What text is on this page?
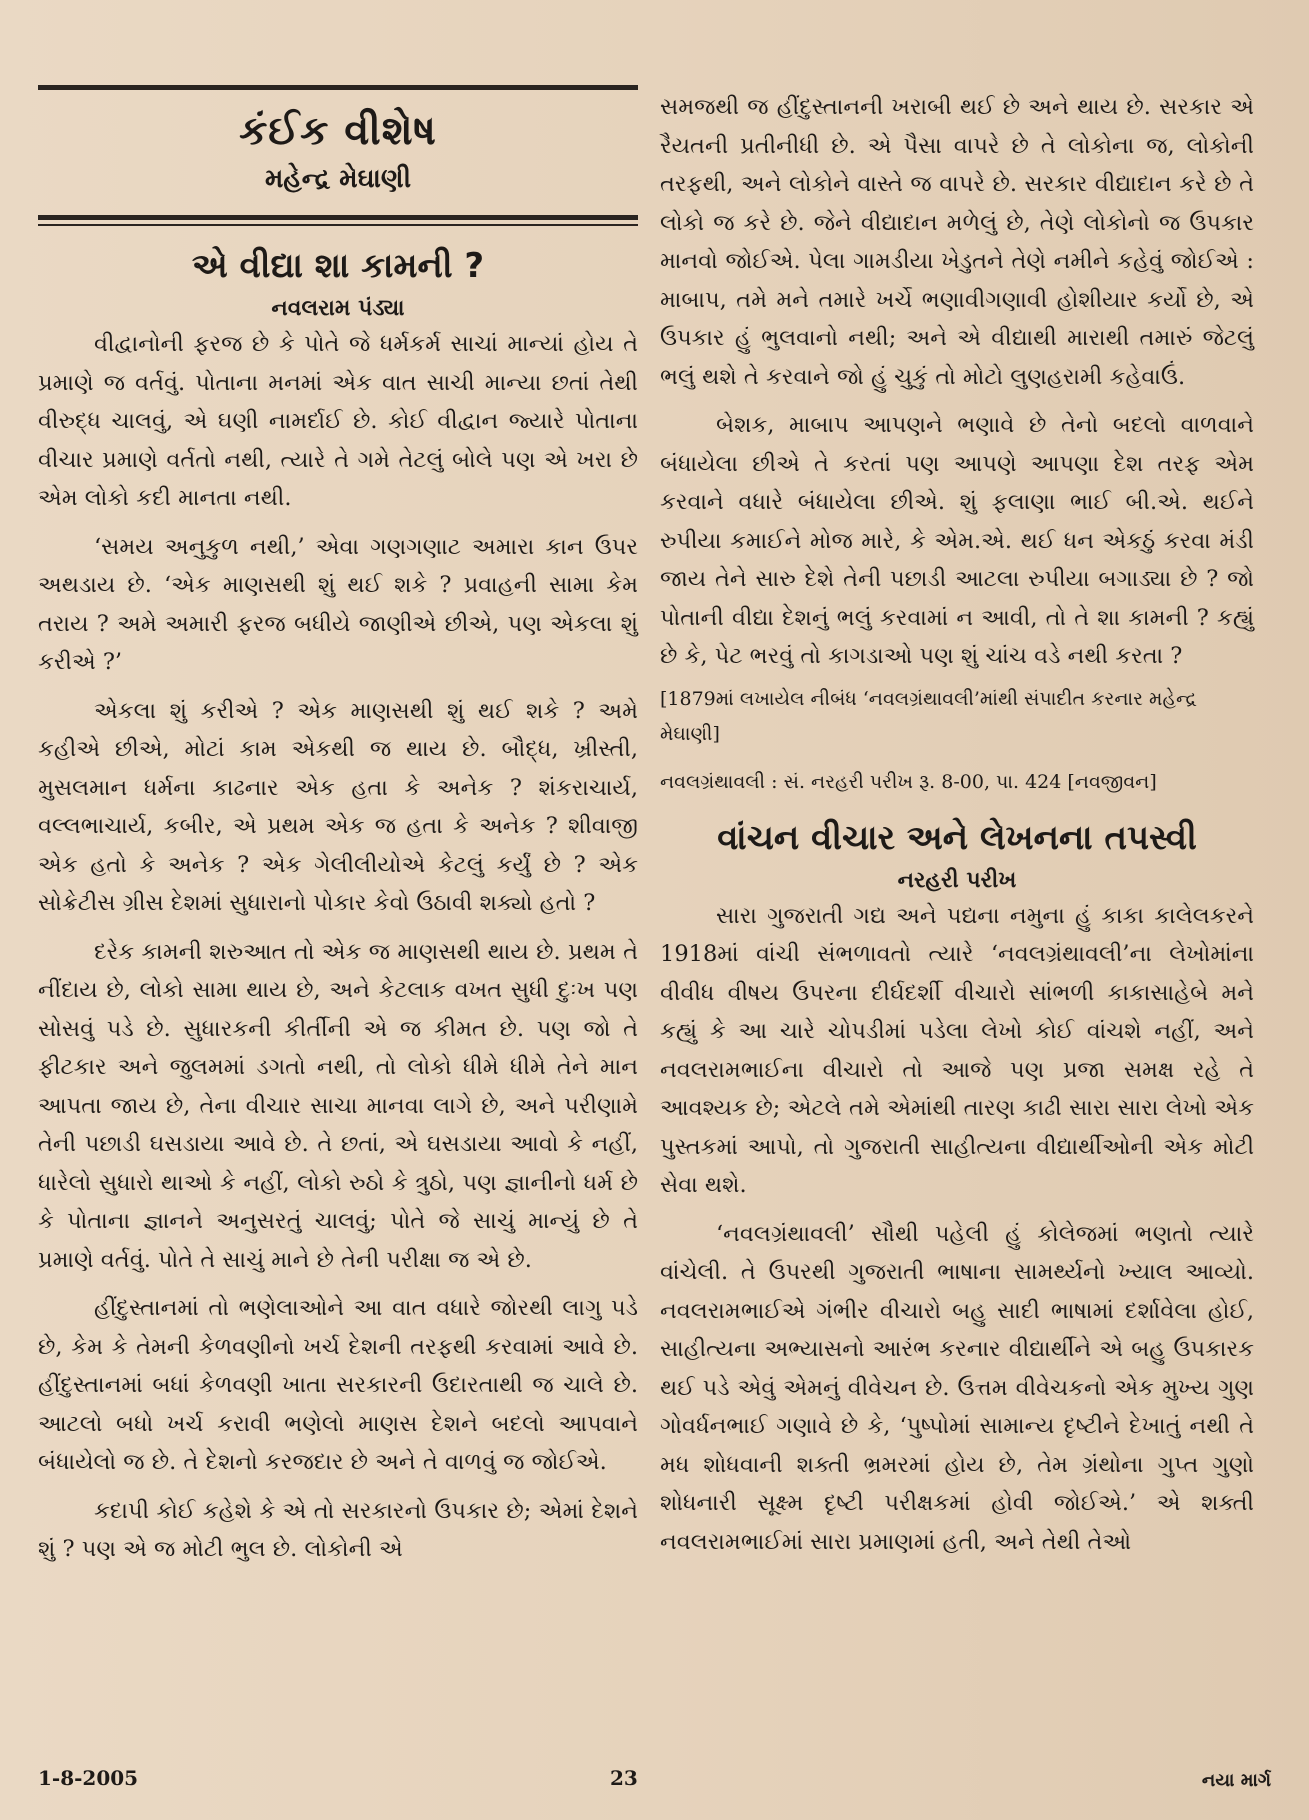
કંઈક વીશેષ
મહેન્દ્ર મેઘાણી
એ વીદ્યા શા કામની ?
નવલરામ પંડ્યા

વીદ્વાનોની ફરજ છે કે પોતે જે ધર્મકર્મ સાચાં માન્યાં હોય તે પ્રમાણે જ વર્તવું. પોતાના મનમાં એક વાત સાચી માન્યા છતાં તેથી વીરુદ્ધ ચાલવું, એ ઘણી નામર્દાઈ છે. કોઈ વીદ્વાન જ્યારે પોતાના વીચાર પ્રમાણે વર્તતો નથી, ત્યારે તે ગમે તેટલું બોલે પણ એ ખરા છે એમ લોકો કદી માનતા નથી.

‘સમય અનુકુળ નથી,’ એવા ગણગણાટ અમારા કાન ઉપર અથડાય છે. ‘એક માણસથી શું થઈ શકે ? પ્રવાહની સામા કેમ તરાય ? અમે અમારી ફરજ બધીયે જાણીએ છીએ, પણ એકલા શું કરીએ ?’

એકલા શું કરીએ ? એક માણસથી શું થઈ શકે ? અમે કહીએ છીએ, મોટાં કામ એકથી જ થાય છે. બૌદ્ધ, ખ્રીસ્તી, મુસલમાન ધર્મના કાઢનાર એક હતા કે અનેક ? શંકરાચાર્ય, વલ્લભાચાર્ય, કબીર, એ પ્રથમ એક જ હતા કે અનેક ? શીવાજી એક હતો કે અનેક ? એક ગેલીલીયોએ કેટલું કર્યું છે ? એક સોક્રેટીસ ગ્રીસ દેશમાં સુધારાનો પોકાર કેવો ઉઠાવી શક્યો હતો ?

દરેક કામની શરુઆત તો એક જ માણસથી થાય છે. પ્રથમ તે નીંદાય છે, લોકો સામા થાય છે, અને કેટલાક વખત સુધી દુઃખ પણ સોસવું પડે છે. સુધારકની કીર્તીની એ જ કીમત છે. પણ જો તે ફીટકાર અને જુલમમાં ડગતો નથી, તો લોકો ધીમે ધીમે તેને માન આપતા જાય છે, તેના વીચાર સાચા માનવા લાગે છે, અને પરીણામે તેની પછાડી ઘસડાયા આવે છે. તે છતાં, એ ઘસડાયા આવો કે નહીં, ધારેલો સુધારો થાઓ કે નહીં, લોકો રુઠો કે ત્રુઠો, પણ જ્ઞાનીનો ધર્મ છે કે પોતાના જ્ઞાનને અનુસરતું ચાલવું; પોતે જે સાચું માન્યું છે તે પ્રમાણે વર્તવું. પોતે તે સાચું માને છે તેની પરીક્ષા જ એ છે.

હીંદુસ્તાનમાં તો ભણેલાઓને આ વાત વધારે જોરથી લાગુ પડે છે, કેમ કે તેમની કેળવણીનો ખર્ચ દેશની તરફથી કરવામાં આવે છે. હીંદુસ્તાનમાં બધાં કેળવણી ખાતા સરકારની ઉદારતાથી જ ચાલે છે. આટલો બધો ખર્ચ કરાવી ભણેલો માણસ દેશને બદલો આપવાને બંધાયેલો જ છે. તે દેશનો કરજદાર છે અને તે વાળવું જ જોઈએ.

કદાપી કોઈ કહેશે કે એ તો સરકારનો ઉપકાર છે; એમાં દેશને શું ? પણ એ જ મોટી ભુલ છે. લોકોની એ

સમજથી જ હીંદુસ્તાનની ખરાબી થઈ છે અને થાય છે. સરકાર એ રૈયતની પ્રતીનીધી છે. એ પૈસા વાપરે છે તે લોકોના જ, લોકોની તરફથી, અને લોકોને વાસ્તે જ વાપરે છે. સરકાર વીદ્યાદાન કરે છે તે લોકો જ કરે છે. જેને વીદ્યાદાન મળેલું છે, તેણે લોકોનો જ ઉપકાર માનવો જોઈએ. પેલા ગામડીયા ખેડુતને તેણે નમીને કહેવું જોઈએ : માબાપ, તમે મને તમારે ખર્ચે ભણાવીગણાવી હોશીયાર કર્યો છે, એ ઉપકાર હું ભુલવાનો નથી; અને એ વીદ્યાથી મારાથી તમારું જેટલું ભલું થશે તે કરવાને જો હું ચુકું તો મોટો લુણહરામી કહેવાઉં.

બેશક, માબાપ આપણને ભણાવે છે તેનો બદલો વાળવાને બંધાયેલા છીએ તે કરતાં પણ આપણે આપણા દેશ તરફ એમ કરવાને વધારે બંધાયેલા છીએ. શું ફલાણા ભાઈ બી.એ. થઈને રુપીયા કમાઈને મોજ મારે, કે એમ.એ. થઈ ધન એકઠું કરવા મંડી જાય તેને સારુ દેશે તેની પછાડી આટલા રુપીયા બગાડ્યા છે ? જો પોતાની વીદ્યા દેશનું ભલું કરવામાં ન આવી, તો તે શા કામની ? કહ્યું છે કે, પેટ ભરવું તો કાગડાઓ પણ શું ચાંચ વડે નથી કરતા ?

[1879માં લખાયેલ નીબંધ ‘નવલગ્રંથાવલી’માંથી સંપાદીત કરનાર મહેન્દ્ર મેઘાણી]

નવલગ્રંથાવલી : સં. નરહરી પરીખ રૂ. 8-00, પા. 424 [નવજીવન]

વાંચન વીચાર અને લેખનના તપસ્વી
નરહરી પરીખ

સારા ગુજરાતી ગદ્ય અને પદ્યના નમુના હું કાકા કાલેલકરને 1918માં વાંચી સંભળાવતો ત્યારે ‘નવલગ્રંથાવલી’ના લેખોમાંના વીવીધ વીષય ઉપરના દીર્ઘદર્શી વીચારો સાંભળી કાકાસાહેબે મને કહ્યું કે આ ચારે ચોપડીમાં પડેલા લેખો કોઈ વાંચશે નહીં, અને નવલરામભાઈના વીચારો તો આજે પણ પ્રજા સમક્ષ રહે તે આવશ્યક છે; એટલે તમે એમાંથી તારણ કાઢી સારા સારા લેખો એક પુસ્તકમાં આપો, તો ગુજરાતી સાહીત્યના વીદ્યાર્થીઓની એક મોટી સેવા થશે.

‘નવલગ્રંથાવલી’ સૌથી પહેલી હું કોલેજમાં ભણતો ત્યારે વાંચેલી. તે ઉપરથી ગુજરાતી ભાષાના સામર્થ્યનો ખ્યાલ આવ્યો. નવલરામભાઈએ ગંભીર વીચારો બહુ સાદી ભાષામાં દર્શાવેલા હોઈ, સાહીત્યના અભ્યાસનો આરંભ કરનાર વીદ્યાર્થીને એ બહુ ઉપકારક થઈ પડે એવું એમનું વીવેચન છે. ઉત્તમ વીવેચકનો એક મુખ્ય ગુણ ગોવર્ધનભાઈ ગણાવે છે કે, ‘પુષ્પોમાં સામાન્ય દૃષ્ટીને દેખાતું નથી તે મધ શોધવાની શક્તી ભ્રમરમાં હોય છે, તેમ ગ્રંથોના ગુપ્ત ગુણો શોધનારી સૂક્ષ્મ દૃષ્ટી પરીક્ષકમાં હોવી જોઈએ.’ એ શક્તી નવલરામભાઈમાં સારા પ્રમાણમાં હતી, અને તેથી તેઓ

1-8-2005	23	નયા માર્ગ
